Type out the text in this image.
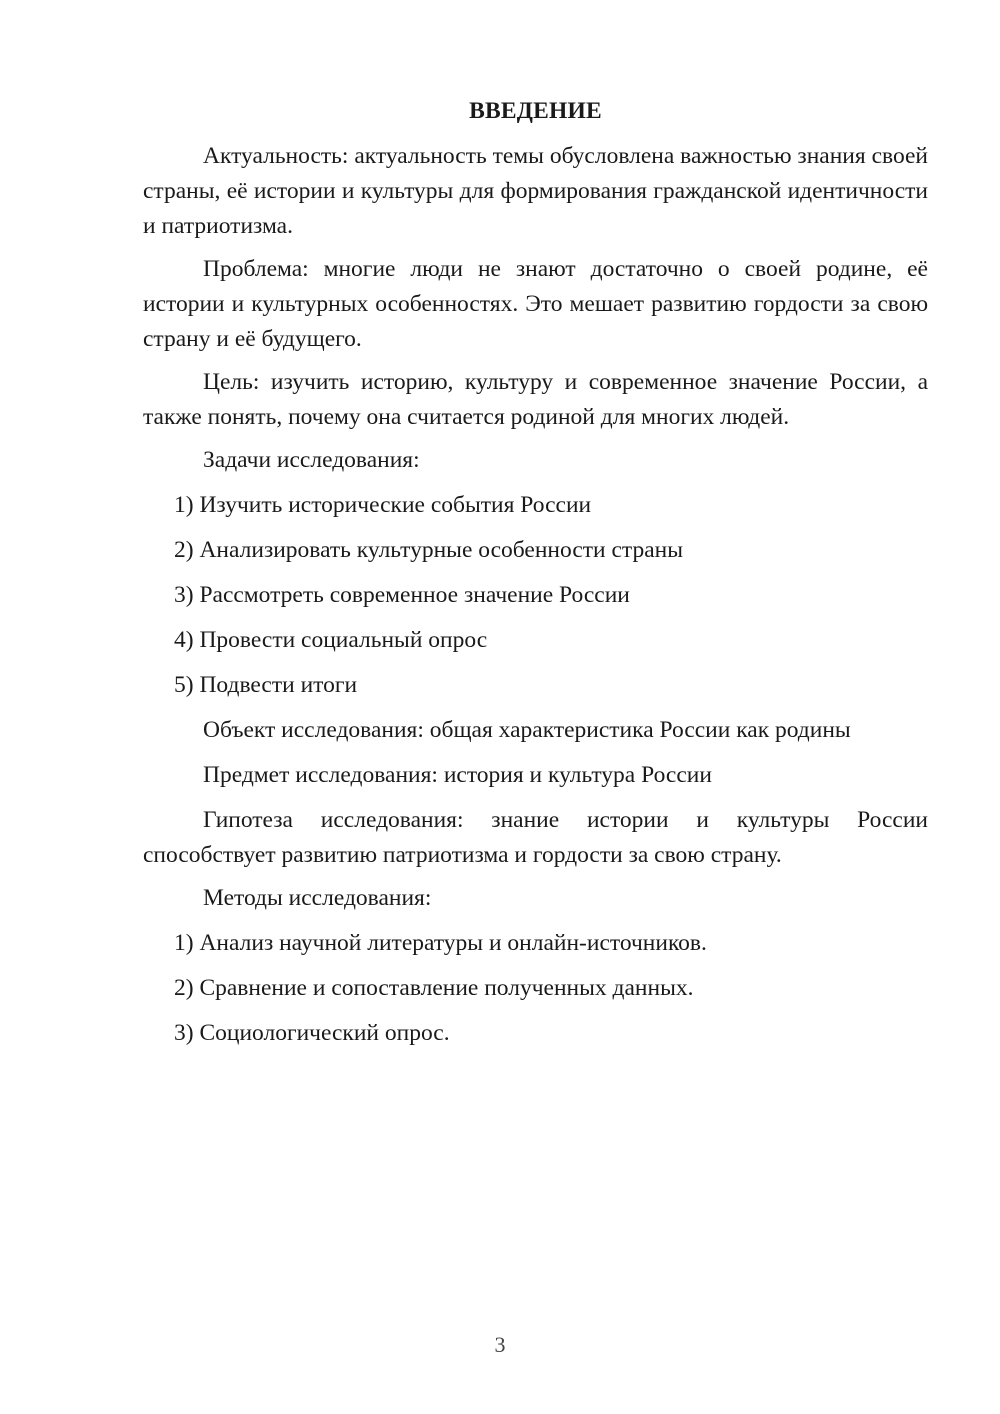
ВВЕДЕНИЕ

Актуальность: актуальность темы обусловлена важностью знания своей страны, её истории и культуры для формирования гражданской идентичности и патриотизма.

Проблема: многие люди не знают достаточно о своей родине, её истории и культурных особенностях. Это мешает развитию гордости за свою страну и её будущего.

Цель: изучить историю, культуру и современное значение России, а также понять, почему она считается родиной для многих людей.

Задачи исследования:

1) Изучить исторические события России

2) Анализировать культурные особенности страны

3) Рассмотреть современное значение России

4) Провести социальный опрос

5) Подвести итоги

Объект исследования: общая характеристика России как родины

Предмет исследования: история и культура России

Гипотеза исследования: знание истории и культуры России способствует развитию патриотизма и гордости за свою страну.

Методы исследования:

1) Анализ научной литературы и онлайн-источников.

2) Сравнение и сопоставление полученных данных.

3) Социологический опрос.

3
